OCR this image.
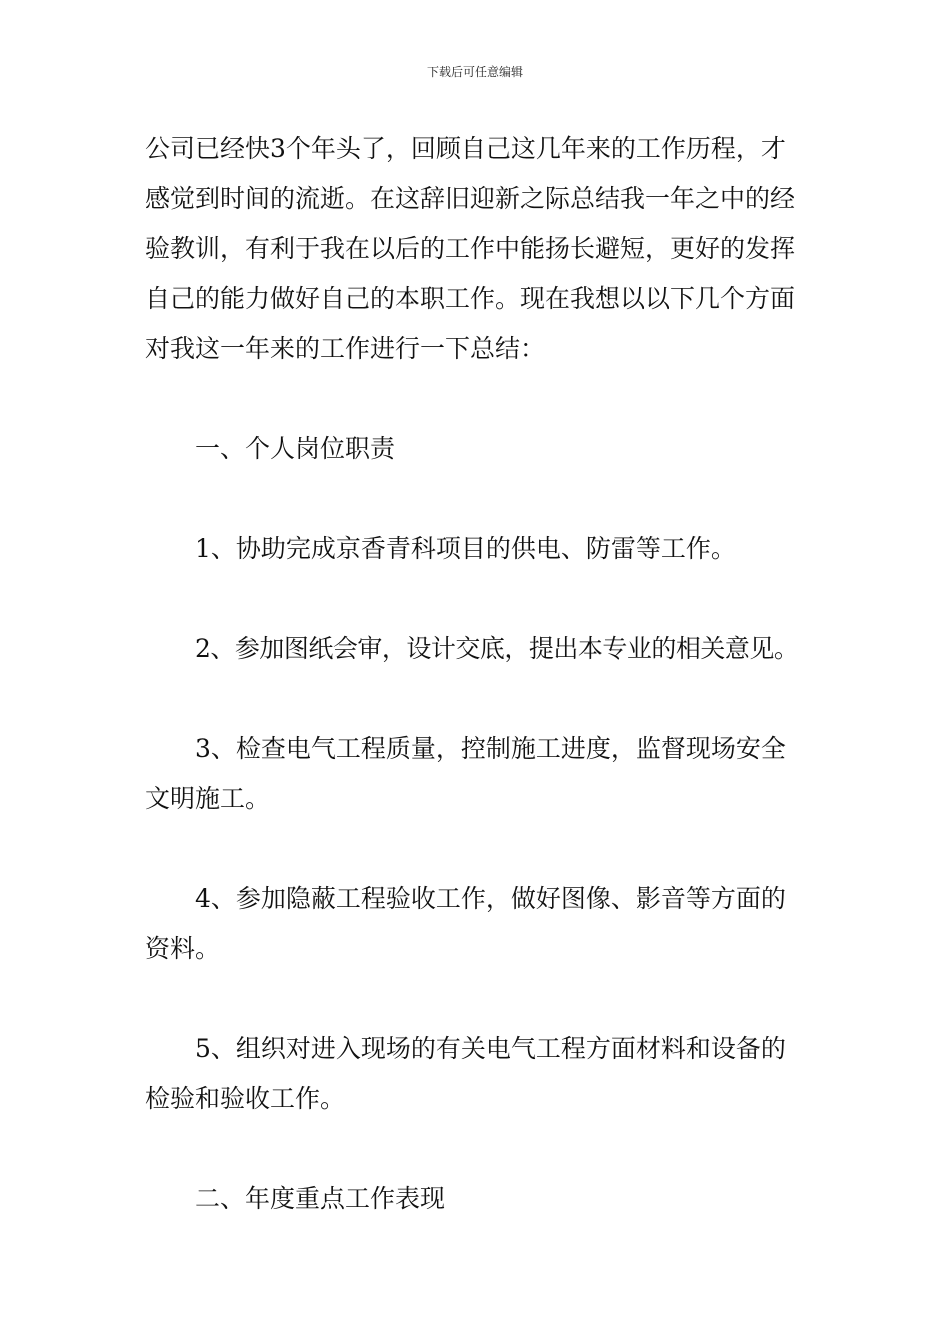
下载后可任意编辑

公司已经快3个年头了，回顾自己这几年来的工作历程，才感觉到时间的流逝。在这辞旧迎新之际总结我一年之中的经验教训，有利于我在以后的工作中能扬长避短，更好的发挥自己的能力做好自己的本职工作。现在我想以以下几个方面对我这一年来的工作进行一下总结：

一、个人岗位职责

1、协助完成京香青科项目的供电、防雷等工作。

2、参加图纸会审，设计交底，提出本专业的相关意见。

3、检查电气工程质量，控制施工进度，监督现场安全文明施工。

4、参加隐蔽工程验收工作，做好图像、影音等方面的资料。

5、组织对进入现场的有关电气工程方面材料和设备的检验和验收工作。

二、年度重点工作表现
